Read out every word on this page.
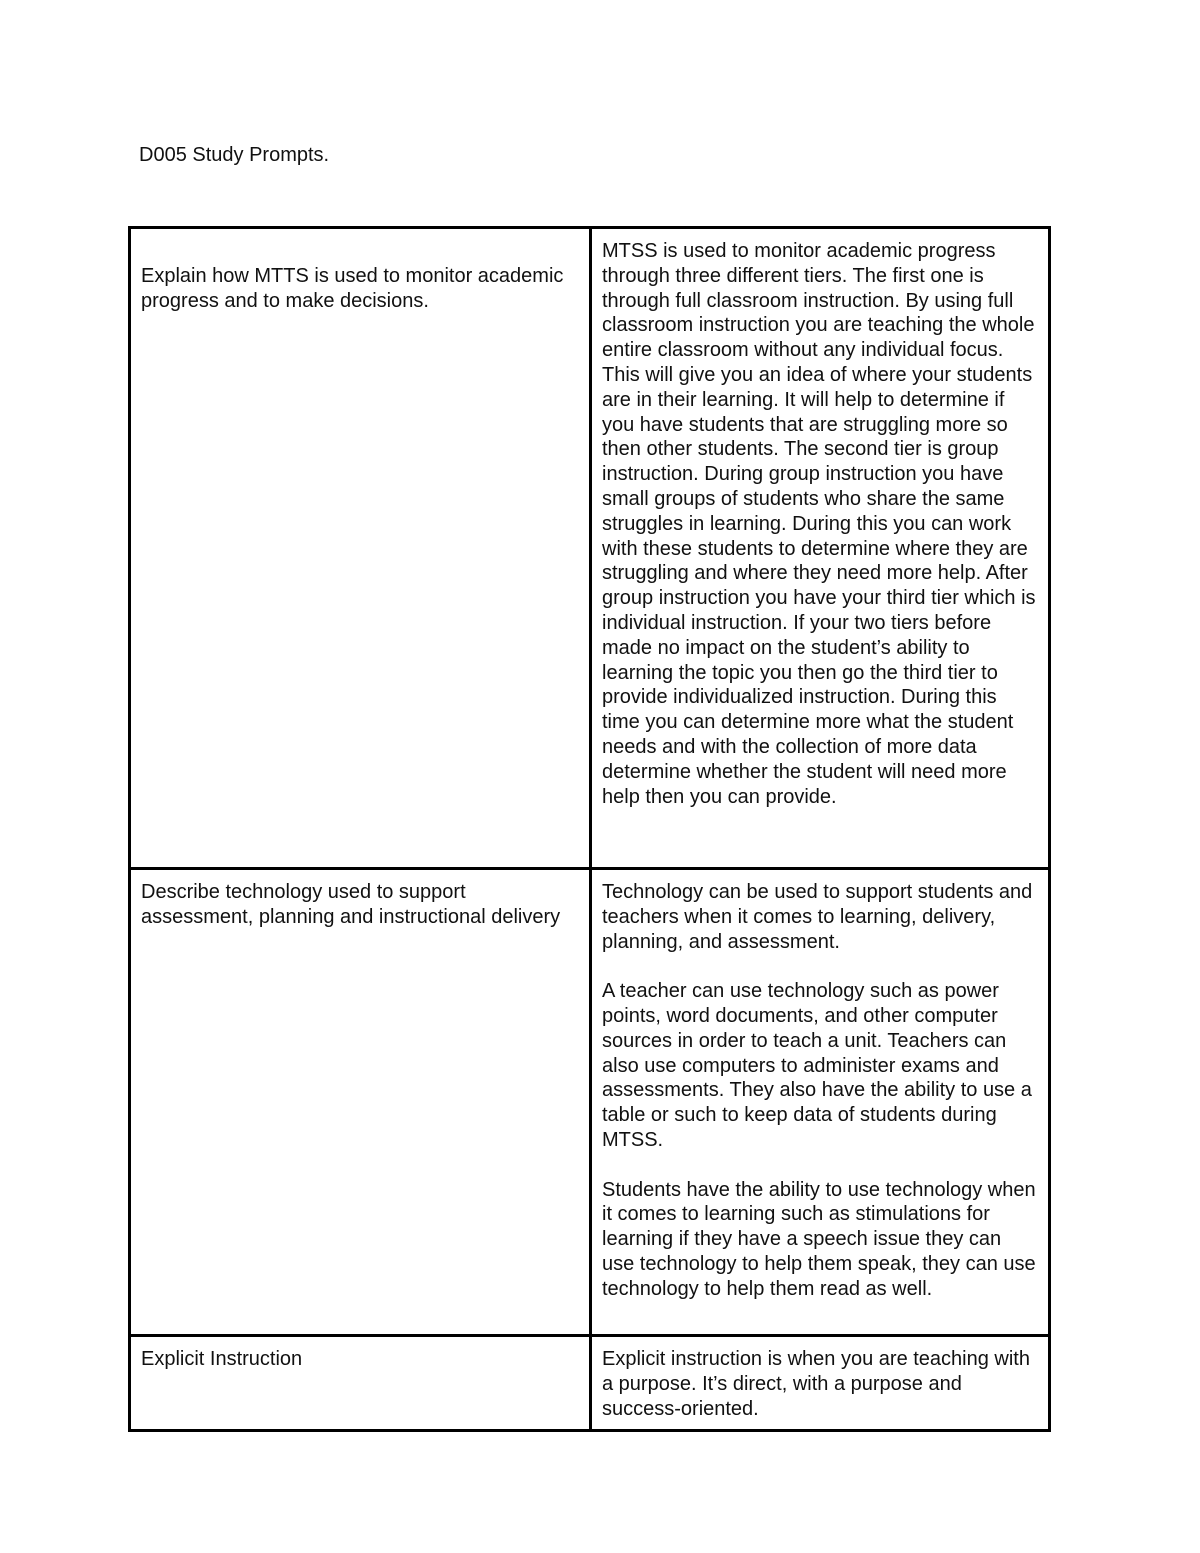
D005 Study Prompts.

Explain how MTTS is used to monitor academic progress and to make decisions.	MTSS is used to monitor academic progress through three different tiers. The first one is through full classroom instruction. By using full classroom instruction you are teaching the whole entire classroom without any individual focus. This will give you an idea of where your students are in their learning. It will help to determine if you have students that are struggling more so then other students. The second tier is group instruction. During group instruction you have small groups of students who share the same struggles in learning. During this you can work with these students to determine where they are struggling and where they need more help. After group instruction you have your third tier which is individual instruction. If your two tiers before made no impact on the student’s ability to learning the topic you then go the third tier to provide individualized instruction. During this time you can determine more what the student needs and with the collection of more data determine whether the student will need more help then you can provide.

Describe technology used to support assessment, planning and instructional delivery	Technology can be used to support students and teachers when it comes to learning, delivery, planning, and assessment.

A teacher can use technology such as power points, word documents, and other computer sources in order to teach a unit. Teachers can also use computers to administer exams and assessments. They also have the ability to use a table or such to keep data of students during MTSS.

Students have the ability to use technology when it comes to learning such as stimulations for learning if they have a speech issue they can use technology to help them speak, they can use technology to help them read as well.

Explicit Instruction	Explicit instruction is when you are teaching with a purpose. It’s direct, with a purpose and success-oriented.
